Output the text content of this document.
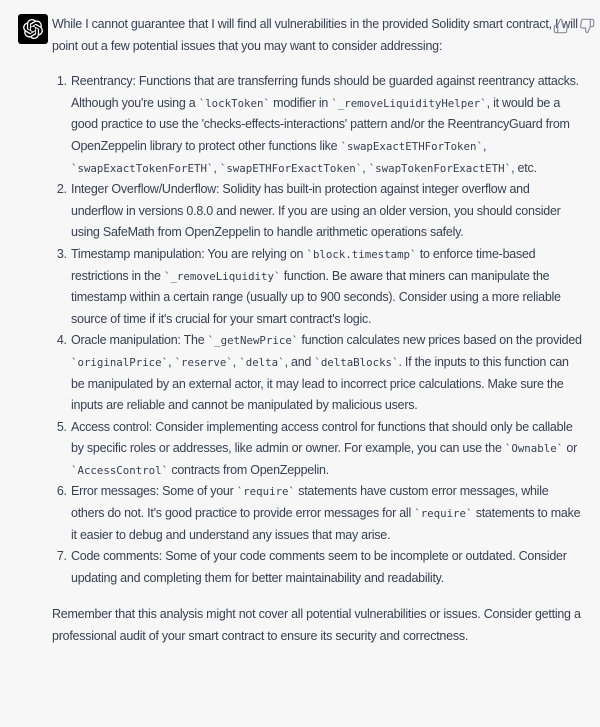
While I cannot guarantee that I will find all vulnerabilities in the provided Solidity smart contract, I will point out a few potential issues that you may want to consider addressing:

1. Reentrancy: Functions that are transferring funds should be guarded against reentrancy attacks. Although you're using a `lockToken` modifier in `_removeLiquidityHelper`, it would be a good practice to use the 'checks-effects-interactions' pattern and/or the ReentrancyGuard from OpenZeppelin library to protect other functions like `swapExactETHForToken`, `swapExactTokenForETH`, `swapETHForExactToken`, `swapTokenForExactETH`, etc.
2. Integer Overflow/Underflow: Solidity has built-in protection against integer overflow and underflow in versions 0.8.0 and newer. If you are using an older version, you should consider using SafeMath from OpenZeppelin to handle arithmetic operations safely.
3. Timestamp manipulation: You are relying on `block.timestamp` to enforce time-based restrictions in the `_removeLiquidity` function. Be aware that miners can manipulate the timestamp within a certain range (usually up to 900 seconds). Consider using a more reliable source of time if it's crucial for your smart contract's logic.
4. Oracle manipulation: The `_getNewPrice` function calculates new prices based on the provided `originalPrice`, `reserve`, `delta`, and `deltaBlocks`. If the inputs to this function can be manipulated by an external actor, it may lead to incorrect price calculations. Make sure the inputs are reliable and cannot be manipulated by malicious users.
5. Access control: Consider implementing access control for functions that should only be callable by specific roles or addresses, like admin or owner. For example, you can use the `Ownable` or `AccessControl` contracts from OpenZeppelin.
6. Error messages: Some of your `require` statements have custom error messages, while others do not. It's good practice to provide error messages for all `require` statements to make it easier to debug and understand any issues that may arise.
7. Code comments: Some of your code comments seem to be incomplete or outdated. Consider updating and completing them for better maintainability and readability.

Remember that this analysis might not cover all potential vulnerabilities or issues. Consider getting a professional audit of your smart contract to ensure its security and correctness.
